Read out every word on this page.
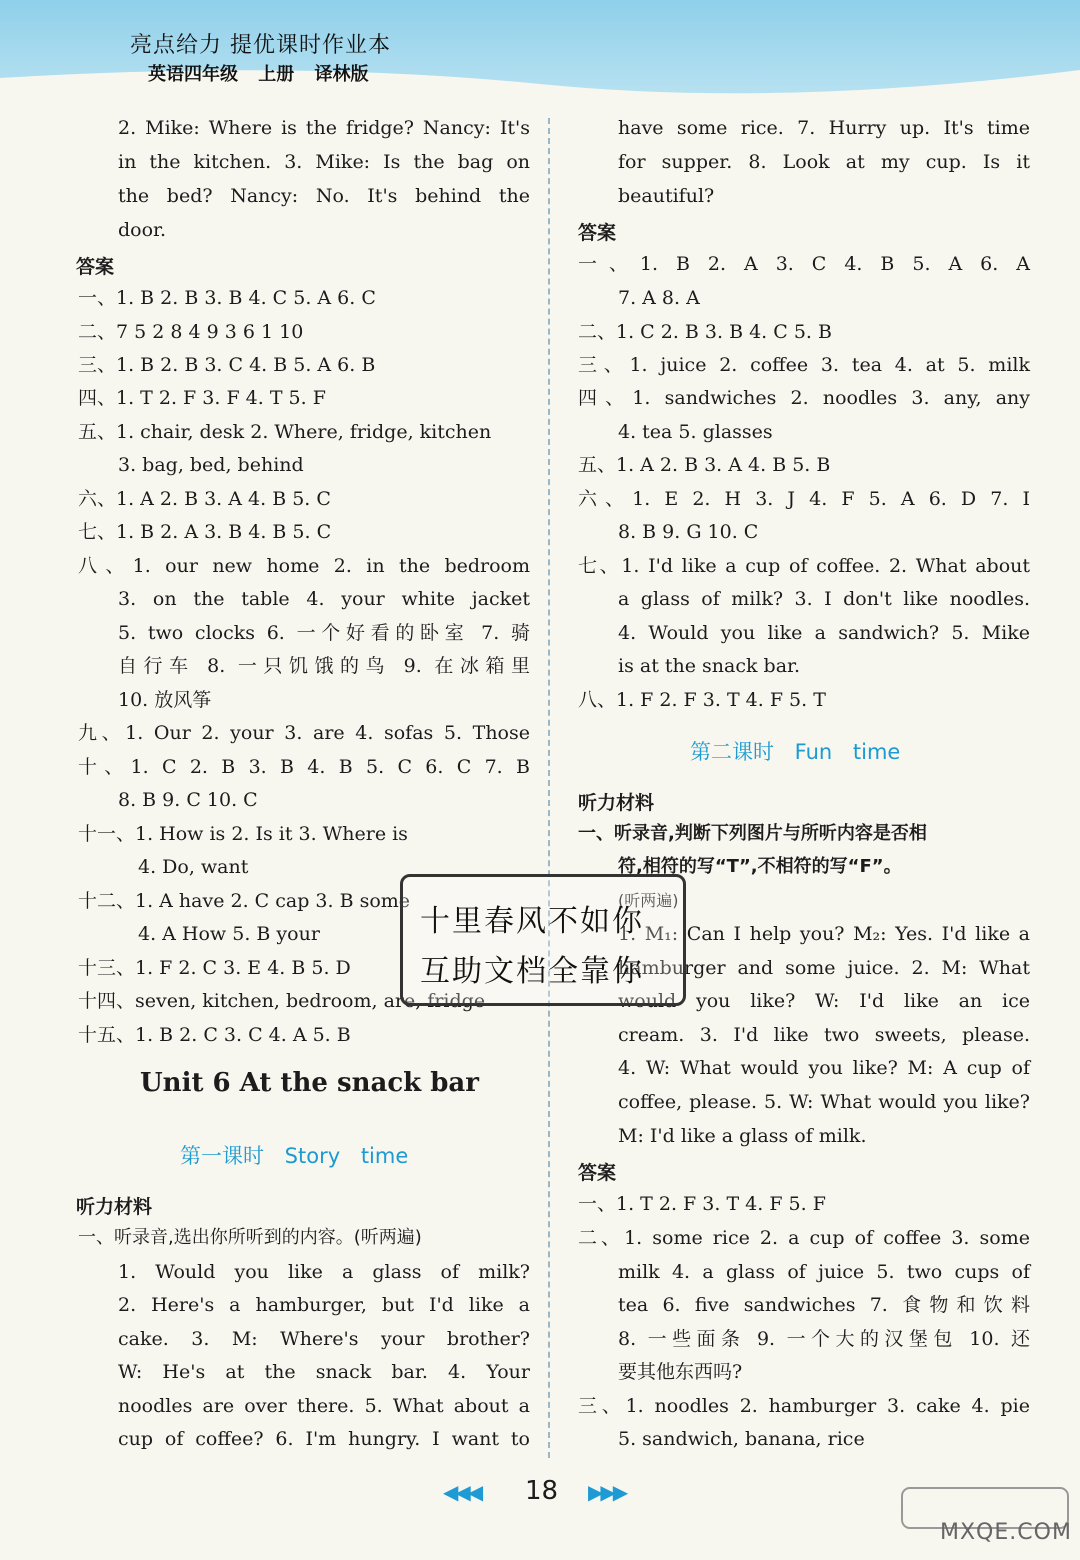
亮点给力 提优课时作业本
英语四年级 上册 译林版
2. Mike: Where is the fridge? Nancy: It's
in the kitchen. 3. Mike: Is the bag on
the bed? Nancy: No. It's behind the
door.
答案
一、1. B 2. B 3. B 4. C 5. A 6. C
二、7 5 2 8 4 9 3 6 1 10
三、1. B 2. B 3. C 4. B 5. A 6. B
四、1. T 2. F 3. F 4. T 5. F
五、1. chair, desk 2. Where, fridge, kitchen
3. bag, bed, behind
六、1. A 2. B 3. A 4. B 5. C
七、1. B 2. A 3. B 4. B 5. C
八、1. our new home 2. in the bedroom
3. on the table 4. your white jacket
5. two clocks 6. 一个好看的卧室 7. 骑
自行车 8. 一只饥饿的鸟 9. 在冰箱里
10. 放风筝
九、1. Our 2. your 3. are 4. sofas 5. Those
十、1. C 2. B 3. B 4. B 5. C 6. C 7. B
8. B 9. C 10. C
十一、1. How is 2. Is it 3. Where is
4. Do, want
十二、1. A have 2. C cap 3. B some
4. A How 5. B your
十三、1. F 2. C 3. E 4. B 5. D
十四、seven, kitchen, bedroom, are, fridge
十五、1. B 2. C 3. C 4. A 5. B
Unit 6 At the snack bar
第一课时 Story time
听力材料
一、听录音,选出你所听到的内容。(听两遍)
1. Would you like a glass of milk?
2. Here's a hamburger, but I'd like a
cake. 3. M: Where's your brother?
W: He's at the snack bar. 4. Your
noodles are over there. 5. What about a
cup of coffee? 6. I'm hungry. I want to
have some rice. 7. Hurry up. It's time
for supper. 8. Look at my cup. Is it
beautiful?
答案
一、1. B 2. A 3. C 4. B 5. A 6. A
7. A 8. A
二、1. C 2. B 3. B 4. C 5. B
三、1. juice 2. coffee 3. tea 4. at 5. milk
四、1. sandwiches 2. noodles 3. any, any
4. tea 5. glasses
五、1. A 2. B 3. A 4. B 5. B
六、1. E 2. H 3. J 4. F 5. A 6. D 7. I
8. B 9. G 10. C
七、1. I'd like a cup of coffee. 2. What about
a glass of milk? 3. I don't like noodles.
4. Would you like a sandwich? 5. Mike
is at the snack bar.
八、1. F 2. F 3. T 4. F 5. T
第二课时 Fun time
听力材料
一、听录音,判断下列图片与所听内容是否相
符,相符的写“T”,不相符的写“F”。
(听两遍)
1. M₁: Can I help you? M₂: Yes. I'd like a
hamburger and some juice. 2. M: What
would you like? W: I'd like an ice
cream. 3. I'd like two sweets, please.
4. W: What would you like? M: A cup of
coffee, please. 5. W: What would you like?
M: I'd like a glass of milk.
答案
一、1. T 2. F 3. T 4. F 5. F
二、1. some rice 2. a cup of coffee 3. some
milk 4. a glass of juice 5. two cups of
tea 6. five sandwiches 7. 食物和饮料
8. 一些面条 9. 一个大的汉堡包 10. 还
要其他东西吗?
三、1. noodles 2. hamburger 3. cake 4. pie
5. sandwich, banana, rice
十里春风不如你
互助文档全靠你
◀◀◀ 18 ▶▶▶
MXQE.COM
